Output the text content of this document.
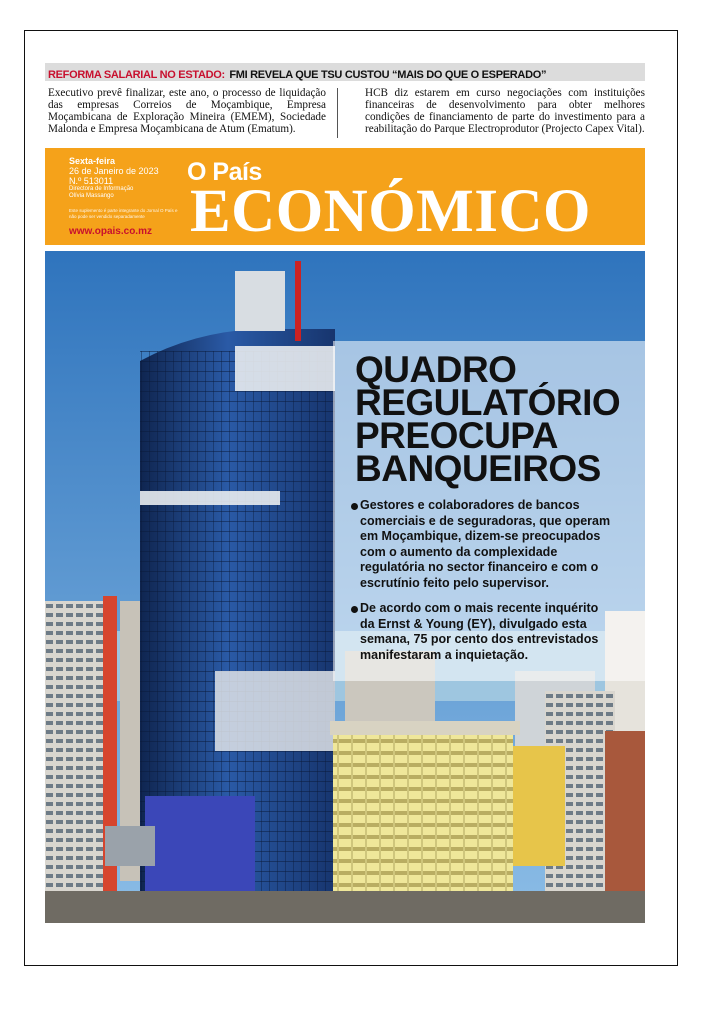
REFORMA SALARIAL NO ESTADO: FMI REVELA QUE TSU CUSTOU “MAIS DO QUE O ESPERADO”
Executivo prevê finalizar, este ano, o processo de liquidação das empresas Correios de Moçambique, Empresa Moçambicana de Exploração Mineira (EMEM), Sociedade Malonda e Empresa Moçambicana de Atum (Ematum).
HCB diz estarem em curso negociações com instituições financeiras de desenvolvimento para obter melhores condições de financiamento de parte do investimento para a reabilitação do Parque Electroprodutor (Projecto Capex Vital).
Sexta-feira
26 de Janeiro de 2023
N.º 513011
Directora de Informação
Olívia Massango
Este suplemento é parte integrante do Jornal O País e não pode ser vendido separadamente
www.opais.co.mz
O País
ECONÓMICO
QUADRO
REGULATÓRIO
PREOCUPA
BANQUEIROS
Gestores e colaboradores de bancos comerciais e de seguradoras, que operam em Moçambique, dizem-se preocupados com o aumento da complexidade regulatória no sector financeiro e com o escrutínio feito pelo supervisor.
De acordo com o mais recente inquérito da Ernst & Young (EY), divulgado esta semana, 75 por cento dos entrevistados manifestaram a inquietação.
